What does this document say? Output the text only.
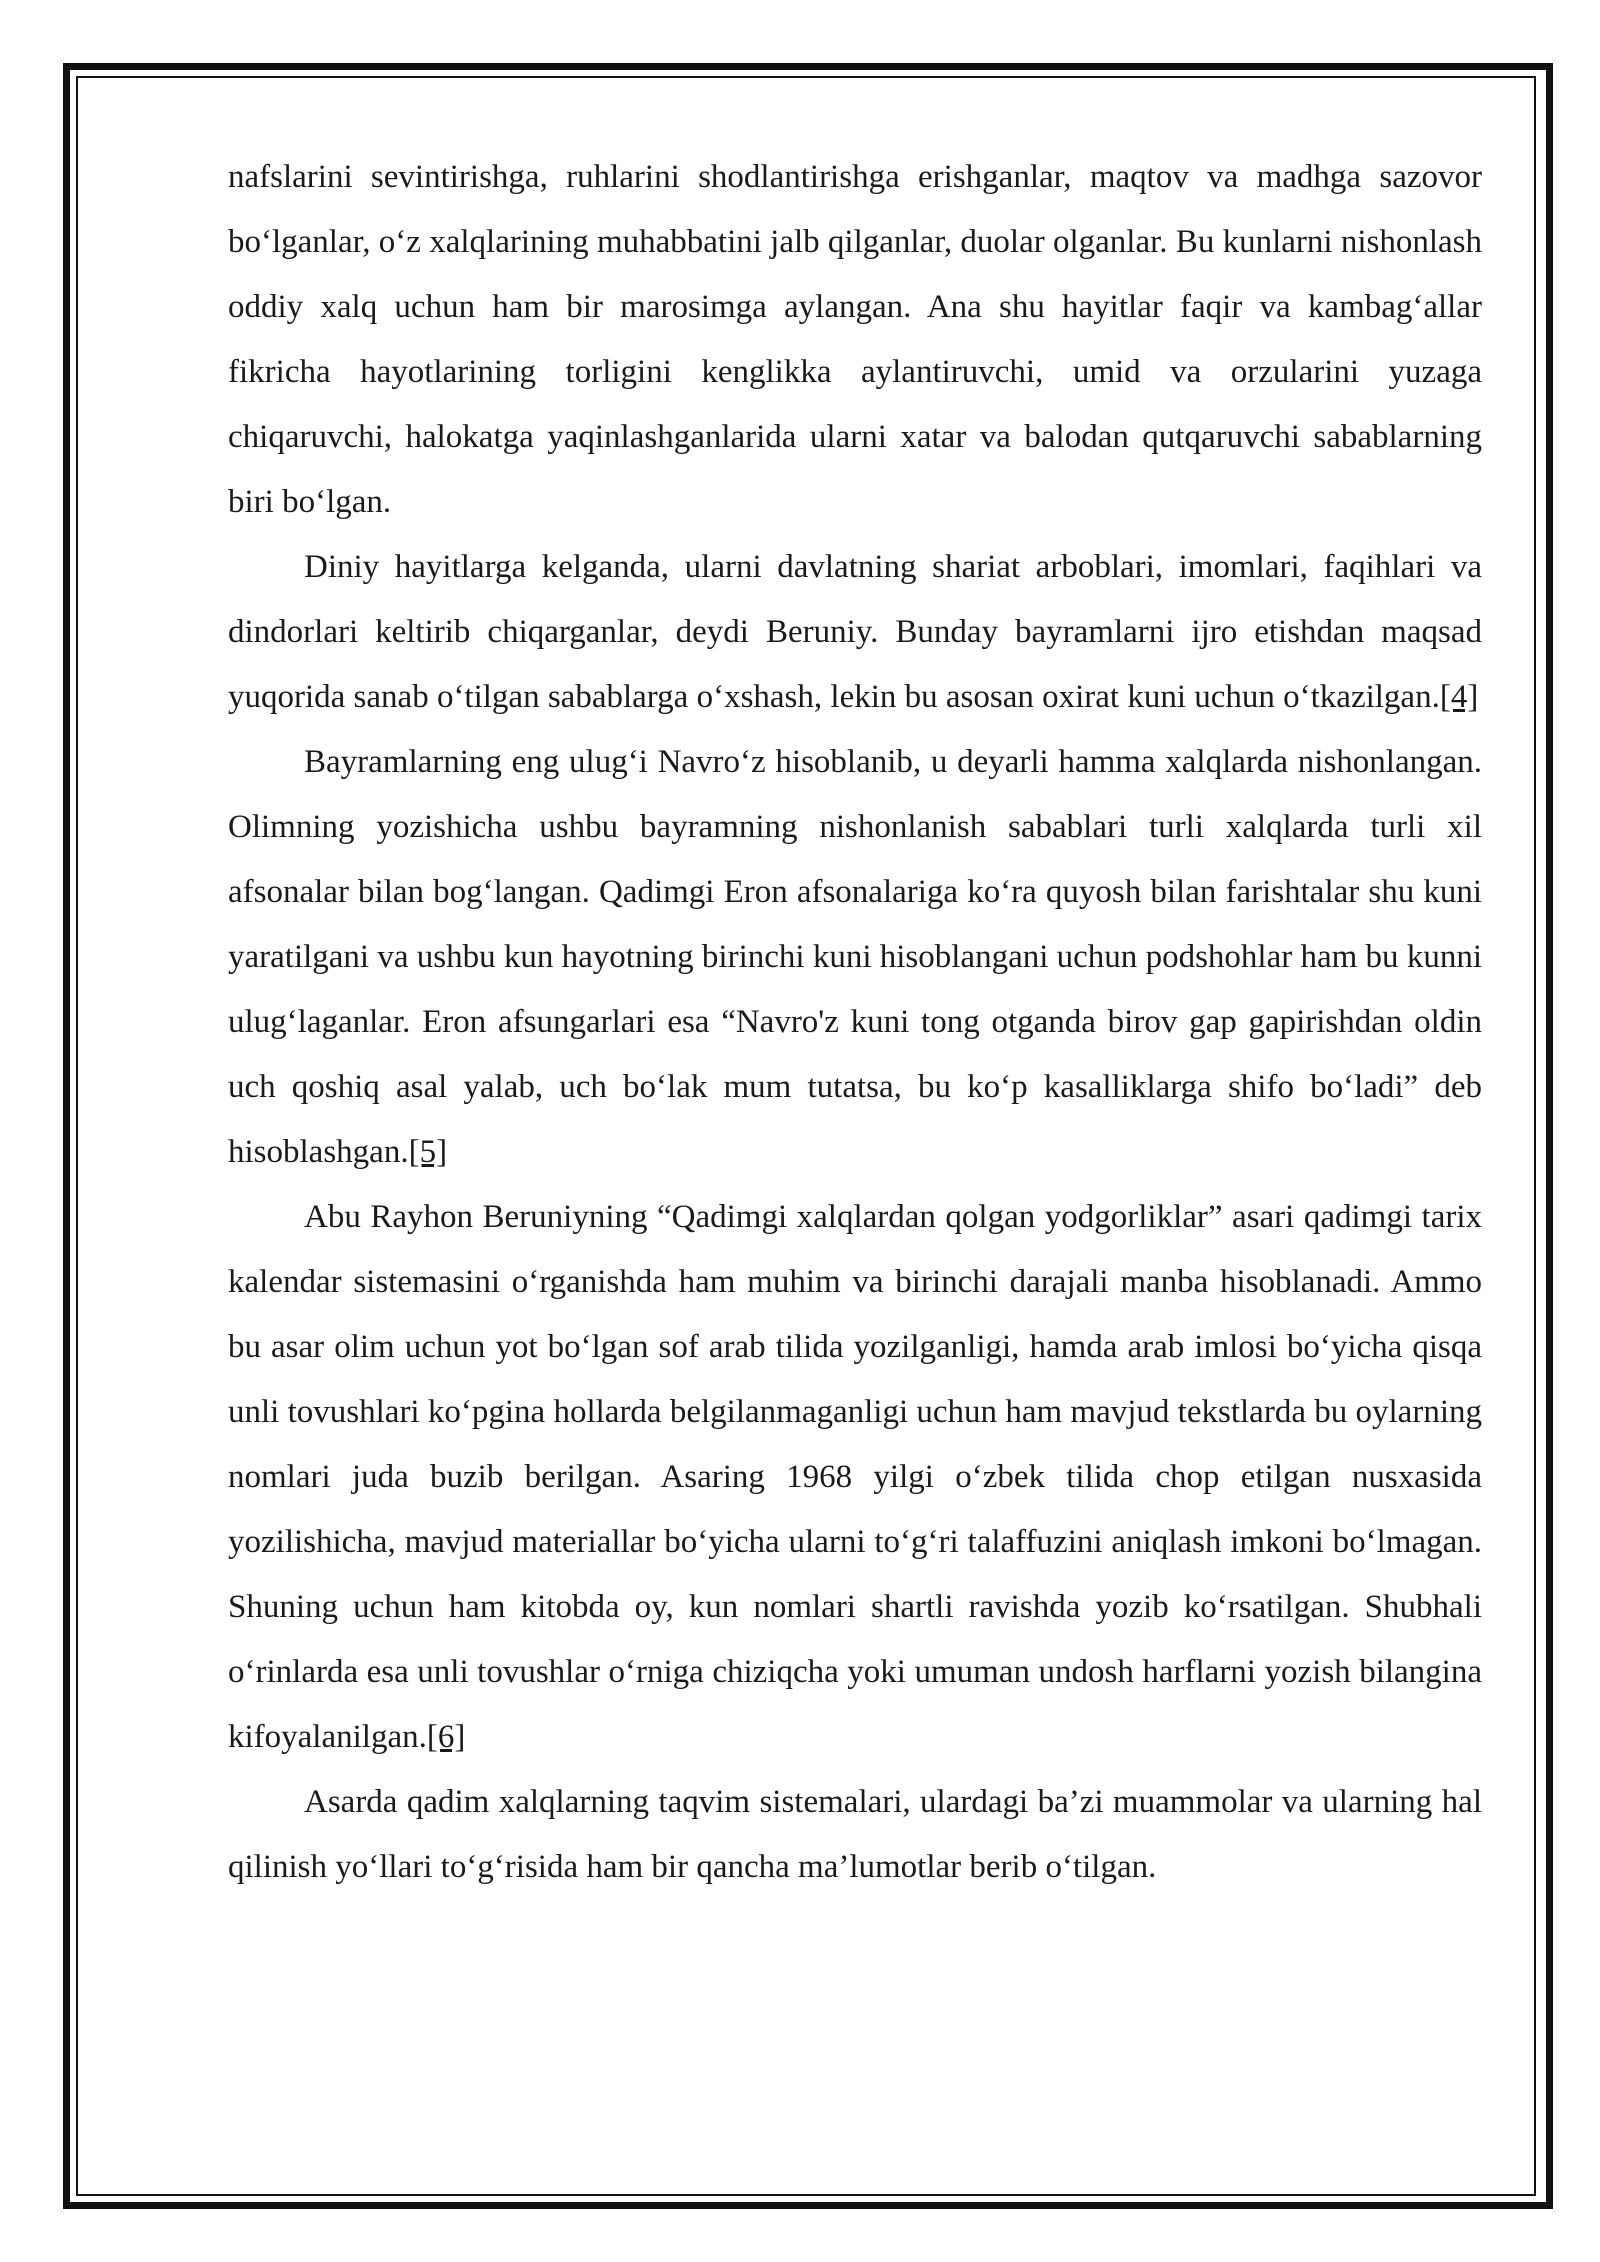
nafslarini sevintirishga, ruhlarini shodlantirishga erishganlar, maqtov va madhga sazovor bo‘lganlar, o‘z xalqlarining muhabbatini jalb qilganlar, duolar olganlar. Bu kunlarni nishonlash oddiy xalq uchun ham bir marosimga aylangan. Ana shu hayitlar faqir va kambag‘allar fikricha hayotlarining torligini kenglikka aylantiruvchi, umid va orzularini yuzaga chiqaruvchi, halokatga yaqinlashganlarida ularni xatar va balodan qutqaruvchi sabablarning biri bo‘lgan.

Diniy hayitlarga kelganda, ularni davlatning shariat arboblari, imomlari, faqihlari va dindorlari keltirib chiqarganlar, deydi Beruniy. Bunday bayramlarni ijro etishdan maqsad yuqorida sanab o‘tilgan sabablarga o‘xshash, lekin bu asosan oxirat kuni uchun o‘tkazilgan.[4]

Bayramlarning eng ulug‘i Navro‘z hisoblanib, u deyarli hamma xalqlarda nishonlangan. Olimning yozishicha ushbu bayramning nishonlanish sabablari turli xalqlarda turli xil afsonalar bilan bog‘langan. Qadimgi Eron afsonalariga ko‘ra quyosh bilan farishtalar shu kuni yaratilgani va ushbu kun hayotning birinchi kuni hisoblangani uchun podshohlar ham bu kunni ulug‘laganlar. Eron afsungarlari esa “Navro'z kuni tong otganda birov gap gapirishdan oldin uch qoshiq asal yalab, uch bo‘lak mum tutatsa, bu ko‘p kasalliklarga shifo bo‘ladi” deb hisoblashgan.[5]

Abu Rayhon Beruniyning “Qadimgi xalqlardan qolgan yodgorliklar” asari qadimgi tarix kalendar sistemasini o‘rganishda ham muhim va birinchi darajali manba hisoblanadi. Ammo bu asar olim uchun yot bo‘lgan sof arab tilida yozilganligi, hamda arab imlosi bo‘yicha qisqa unli tovushlari ko‘pgina hollarda belgilanmaganligi uchun ham mavjud tekstlarda bu oylarning nomlari juda buzib berilgan. Asaring 1968 yilgi o‘zbek tilida chop etilgan nusxasida yozilishicha, mavjud materiallar bo‘yicha ularni to‘g‘ri talaffuzini aniqlash imkoni bo‘lmagan. Shuning uchun ham kitobda oy, kun nomlari shartli ravishda yozib ko‘rsatilgan. Shubhali o‘rinlarda esa unli tovushlar o‘rniga chiziqcha yoki umuman undosh harflarni yozish bilangina kifoyalanilgan.[6]

Asarda qadim xalqlarning taqvim sistemalari, ulardagi ba’zi muammolar va ularning hal qilinish yo‘llari to‘g‘risida ham bir qancha ma’lumotlar berib o‘tilgan.
